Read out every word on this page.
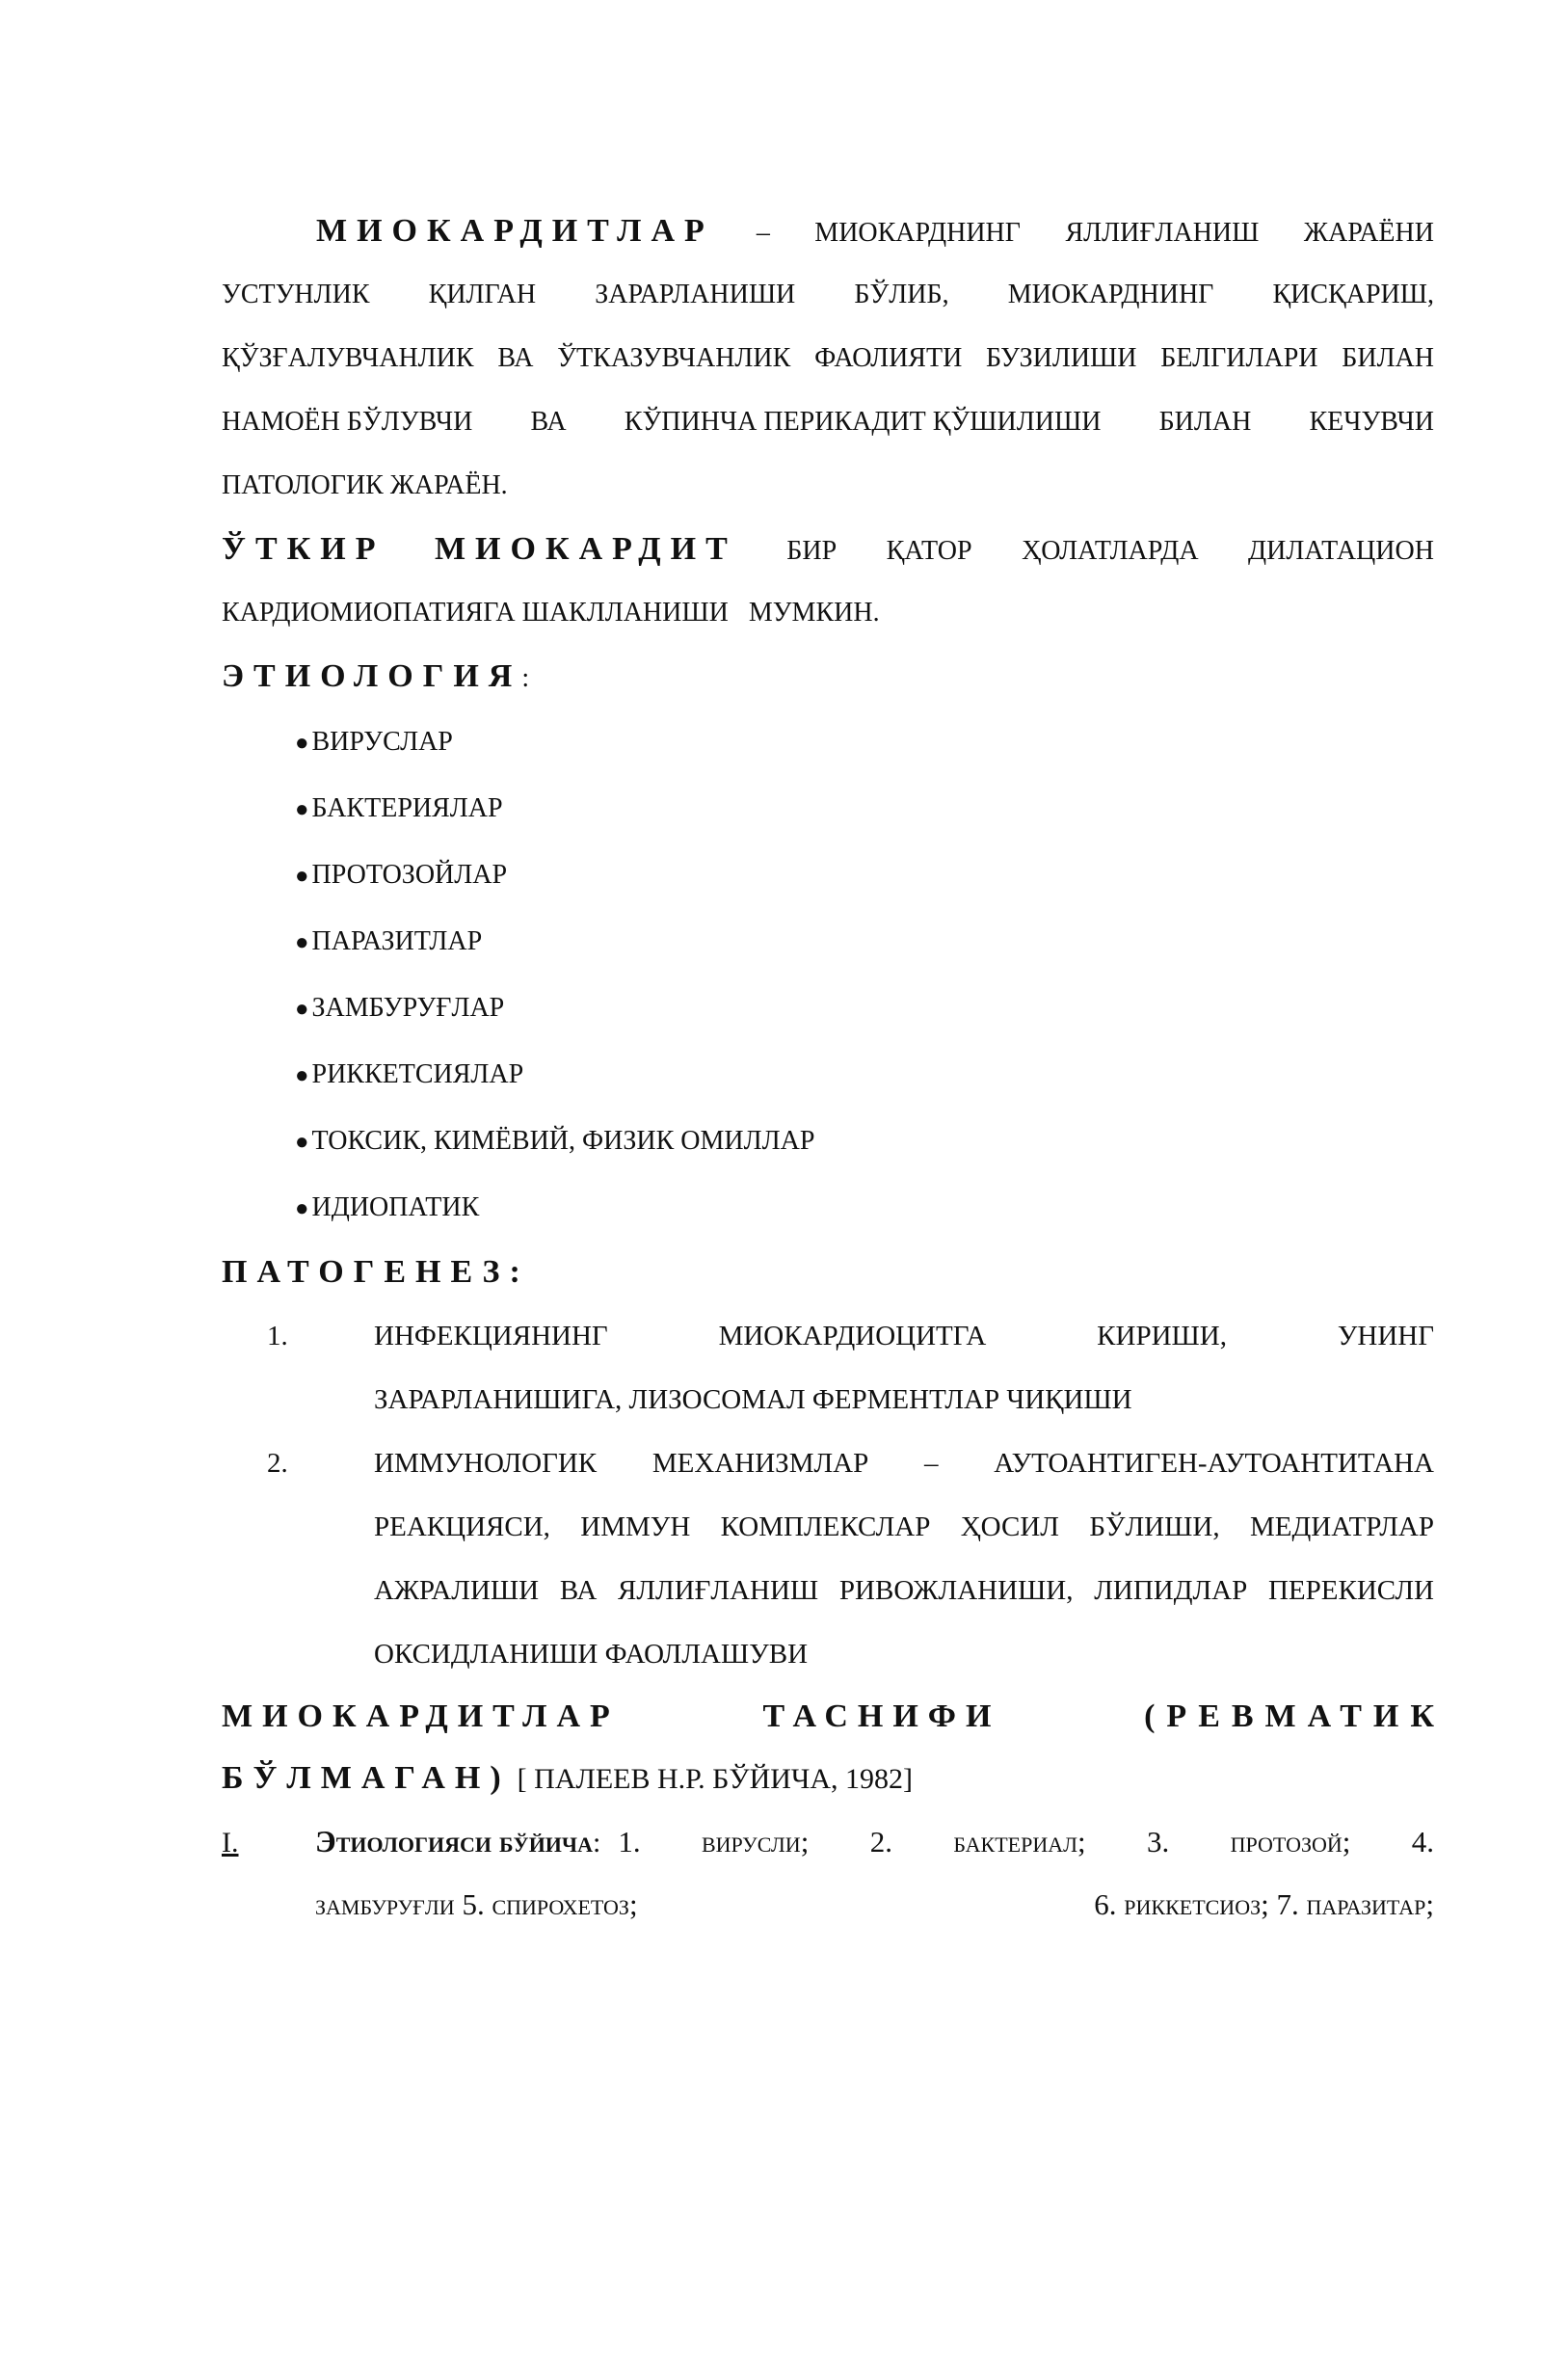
МИОКАРДИТЛАР – МИОКАРДНИНГ ЯЛЛИҒЛАНИШ ЖАРАЁНИ
УСТУНЛИК ҚИЛГАН ЗАРАРЛАНИШИ БЎЛИБ, МИОКАРДНИНГ ҚИСҚАРИШ,
ҚЎЗҒАЛУВЧАНЛИК ВА ЎТКАЗУВЧАНЛИК ФАОЛИЯТИ БУЗИЛИШИ БЕЛГИЛАРИ БИЛАН
НАМОЁН БЎЛУВЧИ ВА КЎПИНЧА ПЕРИКАДИТ ҚЎШИЛИШИ БИЛАН КЕЧУВЧИ
ПАТОЛОГИК ЖАРАЁН.
ЎТКИР МИОКАРДИТ БИР ҚАТОР ҲОЛАТЛАРДА ДИЛАТАЦИОН
КАРДИОМИОПАТИЯГА ШАКЛЛАНИШИ   МУМКИН.
ЭТИОЛОГИЯ:
● ВИРУСЛАР
● БАКТЕРИЯЛАР
● ПРОТОЗОЙЛАР
● ПАРАЗИТЛАР
● ЗАМБУРУҒЛАР
● РИККЕТСИЯЛАР
● ТОКСИК, КИМЁВИЙ, ФИЗИК ОМИЛЛАР
● ИДИОПАТИК
ПАТОГЕНЕЗ:
1.	ИНФЕКЦИЯНИНГ	МИОКАРДИОЦИТГА	КИРИШИ,	УНИНГ
ЗАРАРЛАНИШИГА, ЛИЗОСОМАЛ ФЕРМЕНТЛАР ЧИҚИШИ
2.	ИММУНОЛОГИК МЕХАНИЗМЛАР – АУТОАНТИГЕН-АУТОАНТИТАНА
РЕАКЦИЯСИ, ИММУН КОМПЛЕКСЛАР ҲОСИЛ БЎЛИШИ, МЕДИАТРЛАР
АЖРАЛИШИ ВА ЯЛЛИҒЛАНИШ РИВОЖЛАНИШИ, ЛИПИДЛАР ПЕРЕКИСЛИ
ОКСИДЛАНИШИ ФАОЛЛАШУВИ
МИОКАРДИТЛАР	ТАСНИФИ	(РЕВМАТИК
БЎЛМАГАН) [ ПАЛЕЕВ Н.Р. БЎЙИЧА, 1982]
I.	Этиологияси бўйича : 1. вирусли; 2. бактериал; 3. протозой; 4.
замбуруғли 5. спирохетоз;	6. риккетсиоз; 7. паразитар;
